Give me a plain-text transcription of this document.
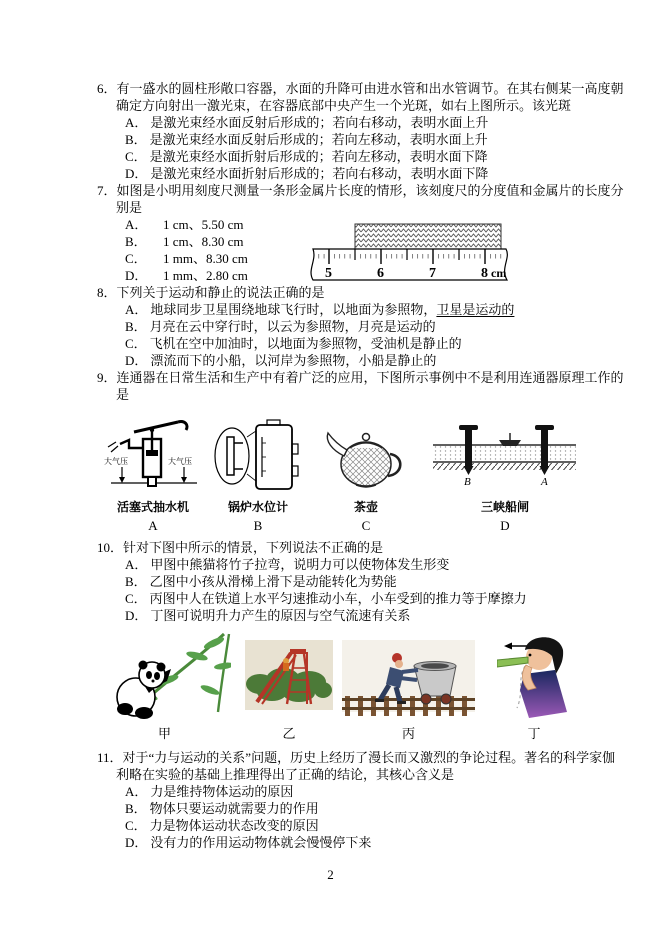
6．有一盛水的圆柱形敞口容器，水面的升降可由进水管和出水管调节。在其右侧某一高度朝确定方向射出一激光束，在容器底部中央产生一个光斑，如右上图所示。该光斑

A． 是激光束经水面反射后形成的；若向右移动，表明水面上升

B． 是激光束经水面反射后形成的；若向左移动，表明水面上升

C． 是激光束经水面折射后形成的；若向左移动，表明水面下降

D． 是激光束经水面折射后形成的；若向右移动，表明水面下降

7．如图是小明用刻度尺测量一条形金属片长度的情形，该刻度尺的分度值和金属片的长度分别是

A． 1 cm、5.50 cm

B． 1 cm、8.30 cm

C． 1 mm、8.30 cm

D． 1 mm、2.80 cm	5	6	7	8 cm

8．下列关于运动和静止的说法正确的是

A． 地球同步卫星围绕地球飞行时，以地面为参照物，卫星是运动的

B． 月亮在云中穿行时，以云为参照物，月亮是运动的

C． 飞机在空中加油时，以地面为参照物，受油机是静止的

D． 漂流而下的小船，以河岸为参照物，小船是静止的

9．连通器在日常生活和生产中有着广泛的应用，下图所示事例中不是利用连通器原理工作的是

大气压	大气压
活塞式抽水机
A
锅炉水位计
B
茶壶
C
B	A
三峡船闸
D

10．针对下图中所示的情景，下列说法不正确的是

A． 甲图中熊猫将竹子拉弯，说明力可以使物体发生形变

B． 乙图中小孩从滑梯上滑下是动能转化为势能

C． 丙图中人在铁道上水平匀速推动小车，小车受到的推力等于摩擦力

D． 丁图可说明升力产生的原因与空气流速有关系

甲	乙	丙	丁

11．对于“力与运动的关系”问题，历史上经历了漫长而又激烈的争论过程。著名的科学家伽利略在实验的基础上推理得出了正确的结论，其核心含义是

A． 力是维持物体运动的原因

B． 物体只要运动就需要力的作用

C． 力是物体运动状态改变的原因

D． 没有力的作用运动物体就会慢慢停下来

2
